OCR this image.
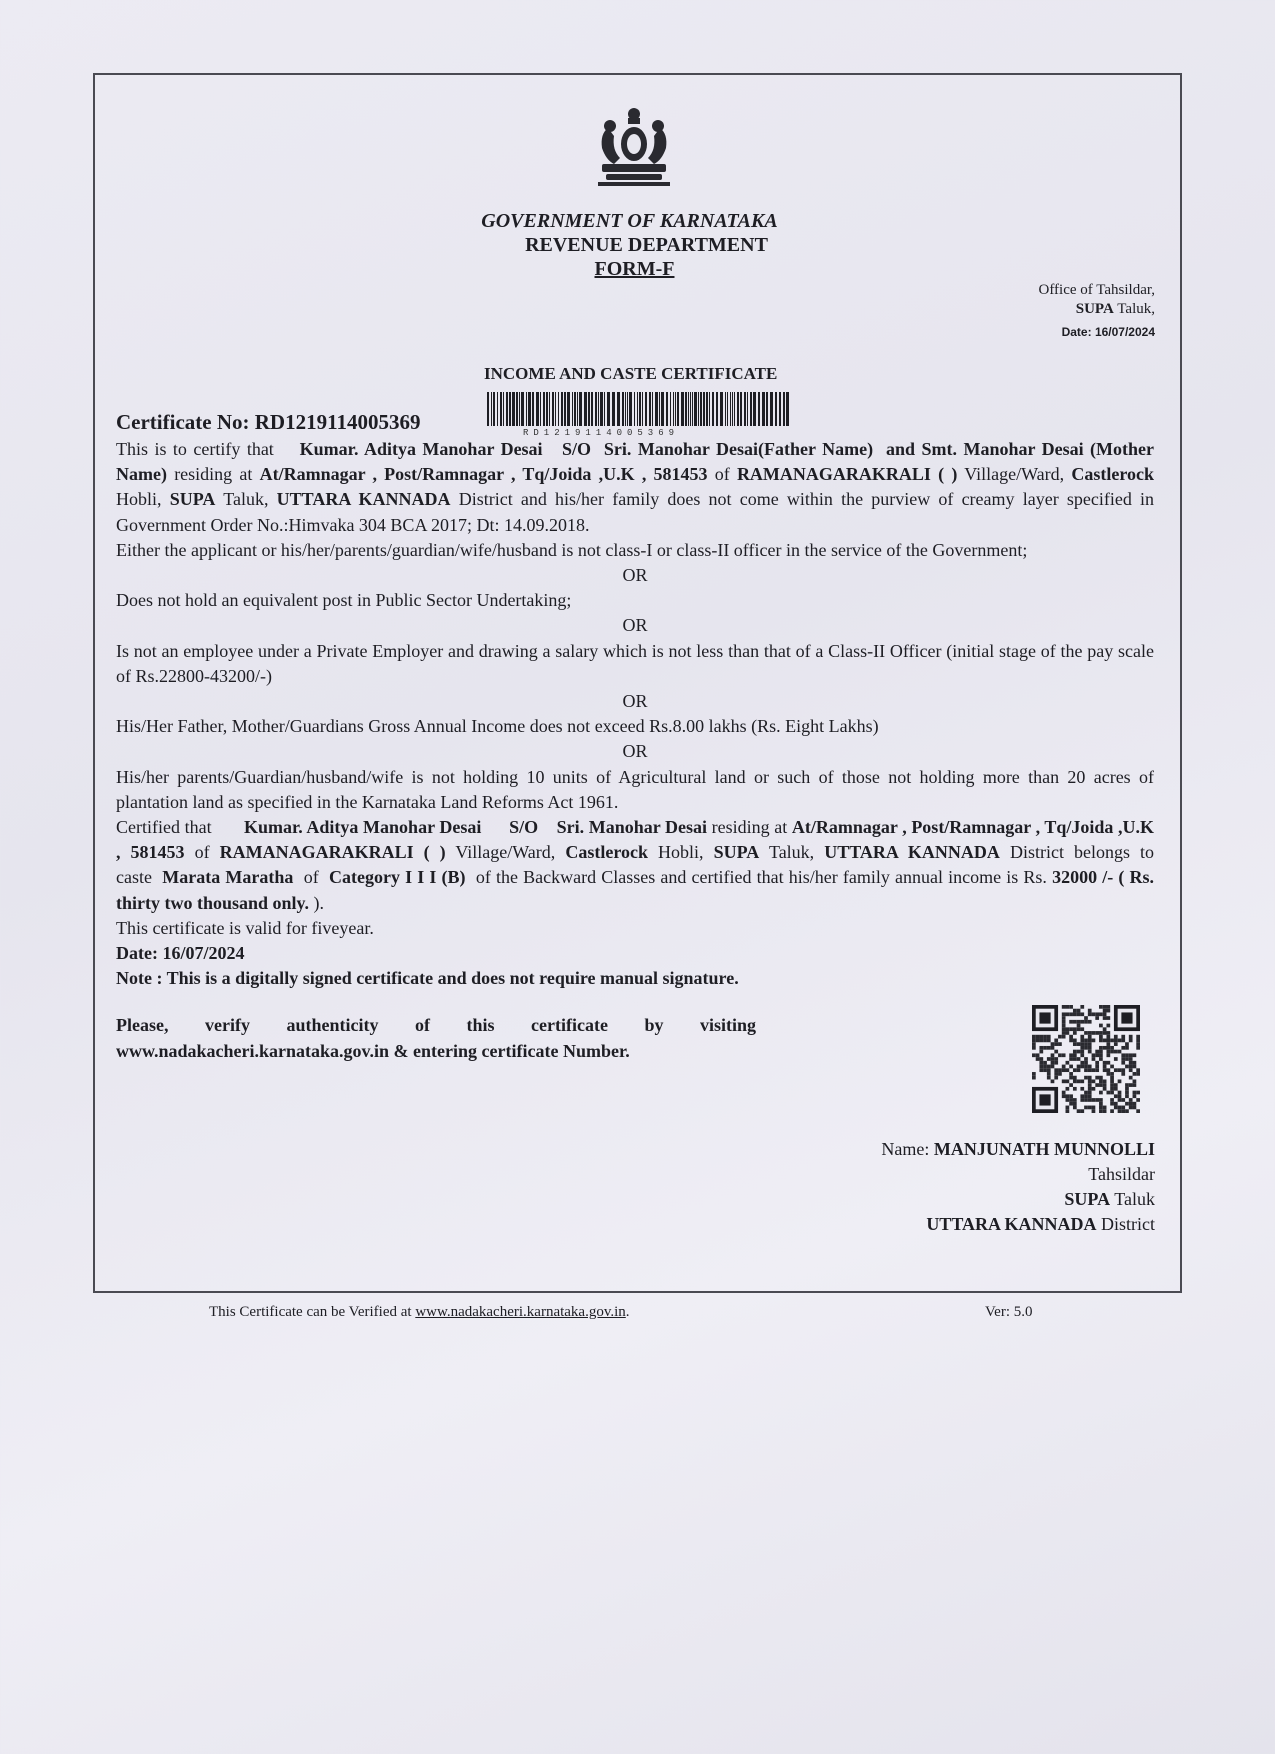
GOVERNMENT OF KARNATAKA
REVENUE DEPARTMENT
FORM-F
Office of Tahsildar,
SUPA Taluk,
Date: 16/07/2024
INCOME AND CASTE CERTIFICATE
Certificate No: RD1219114005369	RD1219114005369

This is to certify that Kumar. Aditya Manohar Desai S/O Sri. Manohar Desai(Father Name) and Smt. Manohar Desai (Mother Name) residing at At/Ramnagar , Post/Ramnagar , Tq/Joida ,U.K , 581453 of RAMANAGARAKRALI ( ) Village/Ward, Castlerock Hobli, SUPA Taluk, UTTARA KANNADA District and his/her family does not come within the purview of creamy layer specified in Government Order No.:Himvaka 304 BCA 2017; Dt: 14.09.2018.

Either the applicant or his/her/parents/guardian/wife/husband is not class-I or class-II officer in the service of the Government;

OR

Does not hold an equivalent post in Public Sector Undertaking;

OR

Is not an employee under a Private Employer and drawing a salary which is not less than that of a Class-II Officer (initial stage of the pay scale of Rs.22800-43200/-)

OR

His/Her Father, Mother/Guardians Gross Annual Income does not exceed Rs.8.00 lakhs (Rs. Eight Lakhs)

OR

His/her parents/Guardian/husband/wife is not holding 10 units of Agricultural land or such of those not holding more than 20 acres of plantation land as specified in the Karnataka Land Reforms Act 1961.

Certified that Kumar. Aditya Manohar Desai S/O Sri. Manohar Desai residing at At/Ramnagar , Post/Ramnagar , Tq/Joida ,U.K , 581453 of RAMANAGARAKRALI ( ) Village/Ward, Castlerock Hobli, SUPA Taluk, UTTARA KANNADA District belongs to caste Marata Maratha of Category I I I (B) of the Backward Classes and certified that his/her family annual income is Rs. 32000 /- ( Rs. thirty two thousand only. ).

This certificate is valid for fiveyear.

Date: 16/07/2024

Note : This is a digitally signed certificate and does not require manual signature.

Please, verify authenticity of this certificate by visiting www.nadakacheri.karnataka.gov.in & entering certificate Number.

Name: MANJUNATH MUNNOLLI
Tahsildar
SUPA Taluk
UTTARA KANNADA District
This Certificate can be Verified at www.nadakacheri.karnataka.gov.in.	Ver: 5.0
